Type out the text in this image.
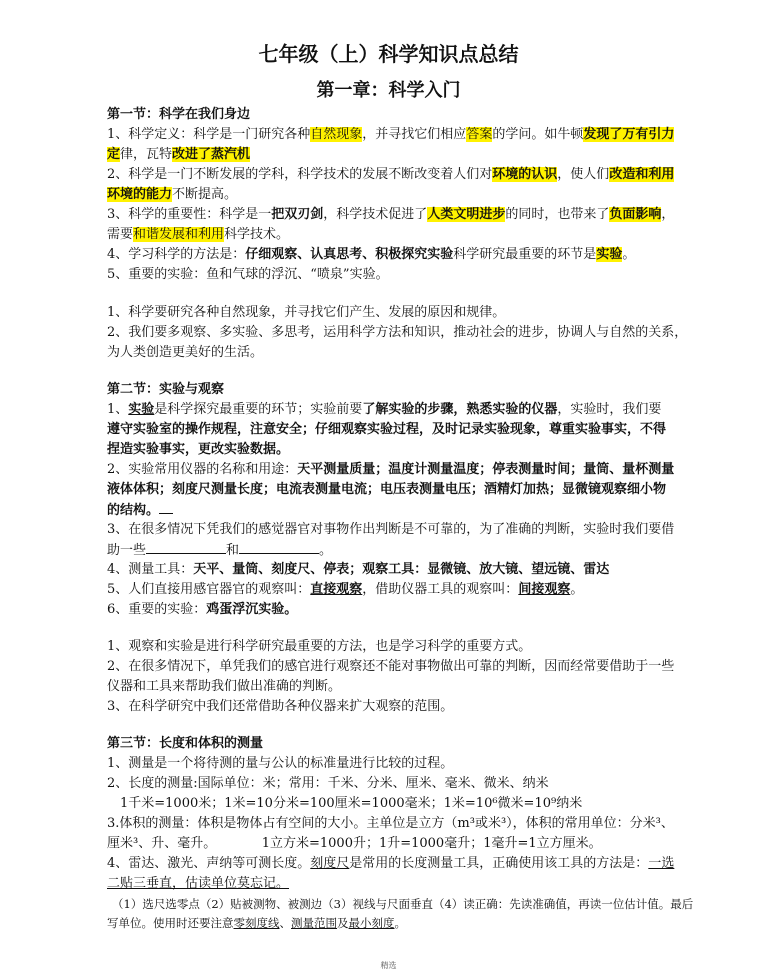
七年级（上）科学知识点总结
第一章：科学入门
第一节：科学在我们身边
1、科学定义：科学是一门研究各种自然现象，并寻找它们相应答案的学问。如牛顿发现了万有引力
定律，瓦特改进了蒸汽机
2、科学是一门不断发展的学科，科学技术的发展不断改变着人们对环境的认识，使人们改造和利用
环境的能力不断提高。
3、科学的重要性：科学是一把双刃剑，科学技术促进了人类文明进步的同时，也带来了负面影响，
需要和谐发展和利用科学技术。
4、学习科学的方法是：仔细观察、认真思考、积极探究实验科学研究最重要的环节是实验。
5、重要的实验：鱼和气球的浮沉、“喷泉”实验。
1、科学要研究各种自然现象，并寻找它们产生、发展的原因和规律。
2、我们要多观察、多实验、多思考，运用科学方法和知识，推动社会的进步，协调人与自然的关系，
为人类创造更美好的生活。
第二节：实验与观察
1、实验是科学探究最重要的环节；实验前要了解实验的步骤，熟悉实验的仪器，实验时，我们要
遵守实验室的操作规程，注意安全；仔细观察实验过程，及时记录实验现象，尊重实验事实，不得
捏造实验事实，更改实验数据。
2、实验常用仪器的名称和用途：天平测量质量；温度计测量温度；停表测量时间；量筒、量杯测量
液体体积；刻度尺测量长度；电流表测量电流；电压表测量电压；酒精灯加热；显微镜观察细小物
的结构。
3、在很多情况下凭我们的感觉器官对事物作出判断是不可靠的，为了准确的判断，实验时我们要借
助一些	和	。
4、测量工具：天平、量筒、刻度尺、停表；观察工具：显微镜、放大镜、望远镜、雷达
5、人们直接用感官器官的观察叫：直接观察，借助仪器工具的观察叫：间接观察。
6、重要的实验：鸡蛋浮沉实验。
1、观察和实验是进行科学研究最重要的方法，也是学习科学的重要方式。
2、在很多情况下，单凭我们的感官进行观察还不能对事物做出可靠的判断，因而经常要借助于一些
仪器和工具来帮助我们做出准确的判断。
3、在科学研究中我们还常借助各种仪器来扩大观察的范围。
第三节：长度和体积的测量
1、测量是一个将待测的量与公认的标准量进行比较的过程。
2、长度的测量:国际单位：米；常用：千米、分米、厘米、毫米、微米、纳米
1千米=1000米；1米=10分米=100厘米=1000毫米；1米=10⁶微米=10⁹纳米
3.体积的测量：体积是物体占有空间的大小。主单位是立方（m³或米³），体积的常用单位：分米³、
厘米³、升、毫升。　　　　1立方米=1000升；1升=1000毫升；1毫升=1立方厘米。
4、雷达、激光、声纳等可测长度。刻度尺是常用的长度测量工具，正确使用该工具的方法是：一选
二贴三垂直，估读单位莫忘记。
（1）选尺选零点（2）贴被测物、被测边（3）视线与尺面垂直（4）读正确：先读准确值，再读一位估计值。最后
写单位。使用时还要注意零刻度线、测量范围及最小刻度。
精选
